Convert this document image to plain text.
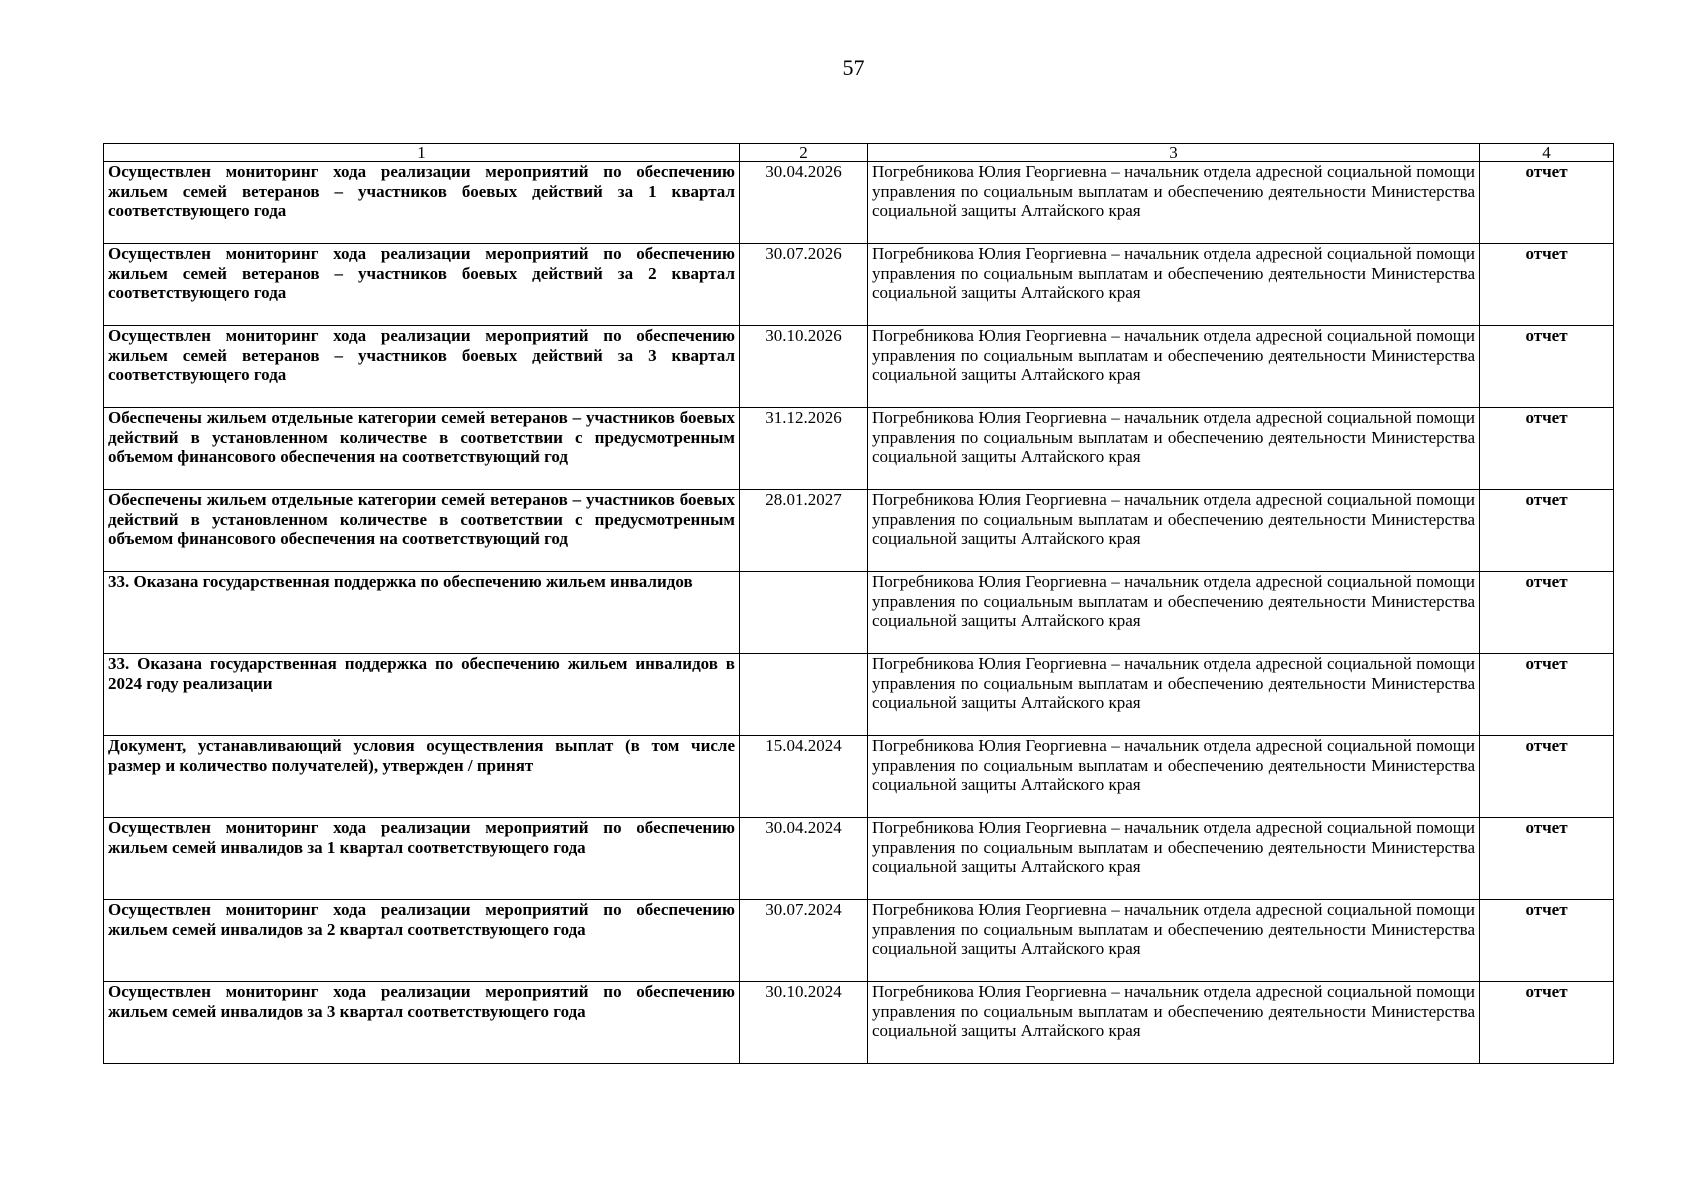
57
1	2	3	4
Осуществлен мониторинг хода реализации мероприятий по обеспечению жильем семей ветеранов – участников боевых действий за 1 квартал соответствующего года	30.04.2026	Погребникова Юлия Георгиевна – начальник отдела адресной социальной помощи управления по социальным выплатам и обеспечению деятельности Министерства социальной защиты Алтайского края	отчет
Осуществлен мониторинг хода реализации мероприятий по обеспечению жильем семей ветеранов – участников боевых действий за 2 квартал соответствующего года	30.07.2026	Погребникова Юлия Георгиевна – начальник отдела адресной социальной помощи управления по социальным выплатам и обеспечению деятельности Министерства социальной защиты Алтайского края	отчет
Осуществлен мониторинг хода реализации мероприятий по обеспечению жильем семей ветеранов – участников боевых действий за 3 квартал соответствующего года	30.10.2026	Погребникова Юлия Георгиевна – начальник отдела адресной социальной помощи управления по социальным выплатам и обеспечению деятельности Министерства социальной защиты Алтайского края	отчет
Обеспечены жильем отдельные категории семей ветеранов – участников боевых действий в установленном количестве в соответствии с предусмотренным объемом финансового обеспечения на соответствующий год	31.12.2026	Погребникова Юлия Георгиевна – начальник отдела адресной социальной помощи управления по социальным выплатам и обеспечению деятельности Министерства социальной защиты Алтайского края	отчет
Обеспечены жильем отдельные категории семей ветеранов – участников боевых действий в установленном количестве в соответствии с предусмотренным объемом финансового обеспечения на соответствующий год	28.01.2027	Погребникова Юлия Георгиевна – начальник отдела адресной социальной помощи управления по социальным выплатам и обеспечению деятельности Министерства социальной защиты Алтайского края	отчет
33. Оказана государственная поддержка по обеспечению жильем инвалидов		Погребникова Юлия Георгиевна – начальник отдела адресной социальной помощи управления по социальным выплатам и обеспечению деятельности Министерства социальной защиты Алтайского края	отчет
33. Оказана государственная поддержка по обеспечению жильем инвалидов в 2024 году реализации		Погребникова Юлия Георгиевна – начальник отдела адресной социальной помощи управления по социальным выплатам и обеспечению деятельности Министерства социальной защиты Алтайского края	отчет
Документ, устанавливающий условия осуществления выплат (в том числе размер и количество получателей), утвержден / принят	15.04.2024	Погребникова Юлия Георгиевна – начальник отдела адресной социальной помощи управления по социальным выплатам и обеспечению деятельности Министерства социальной защиты Алтайского края	отчет
Осуществлен мониторинг хода реализации мероприятий по обеспечению жильем семей инвалидов за 1 квартал соответствующего года	30.04.2024	Погребникова Юлия Георгиевна – начальник отдела адресной социальной помощи управления по социальным выплатам и обеспечению деятельности Министерства социальной защиты Алтайского края	отчет
Осуществлен мониторинг хода реализации мероприятий по обеспечению жильем семей инвалидов за 2 квартал соответствующего года	30.07.2024	Погребникова Юлия Георгиевна – начальник отдела адресной социальной помощи управления по социальным выплатам и обеспечению деятельности Министерства социальной защиты Алтайского края	отчет
Осуществлен мониторинг хода реализации мероприятий по обеспечению жильем семей инвалидов за 3 квартал соответствующего года	30.10.2024	Погребникова Юлия Георгиевна – начальник отдела адресной социальной помощи управления по социальным выплатам и обеспечению деятельности Министерства социальной защиты Алтайского края	отчет
